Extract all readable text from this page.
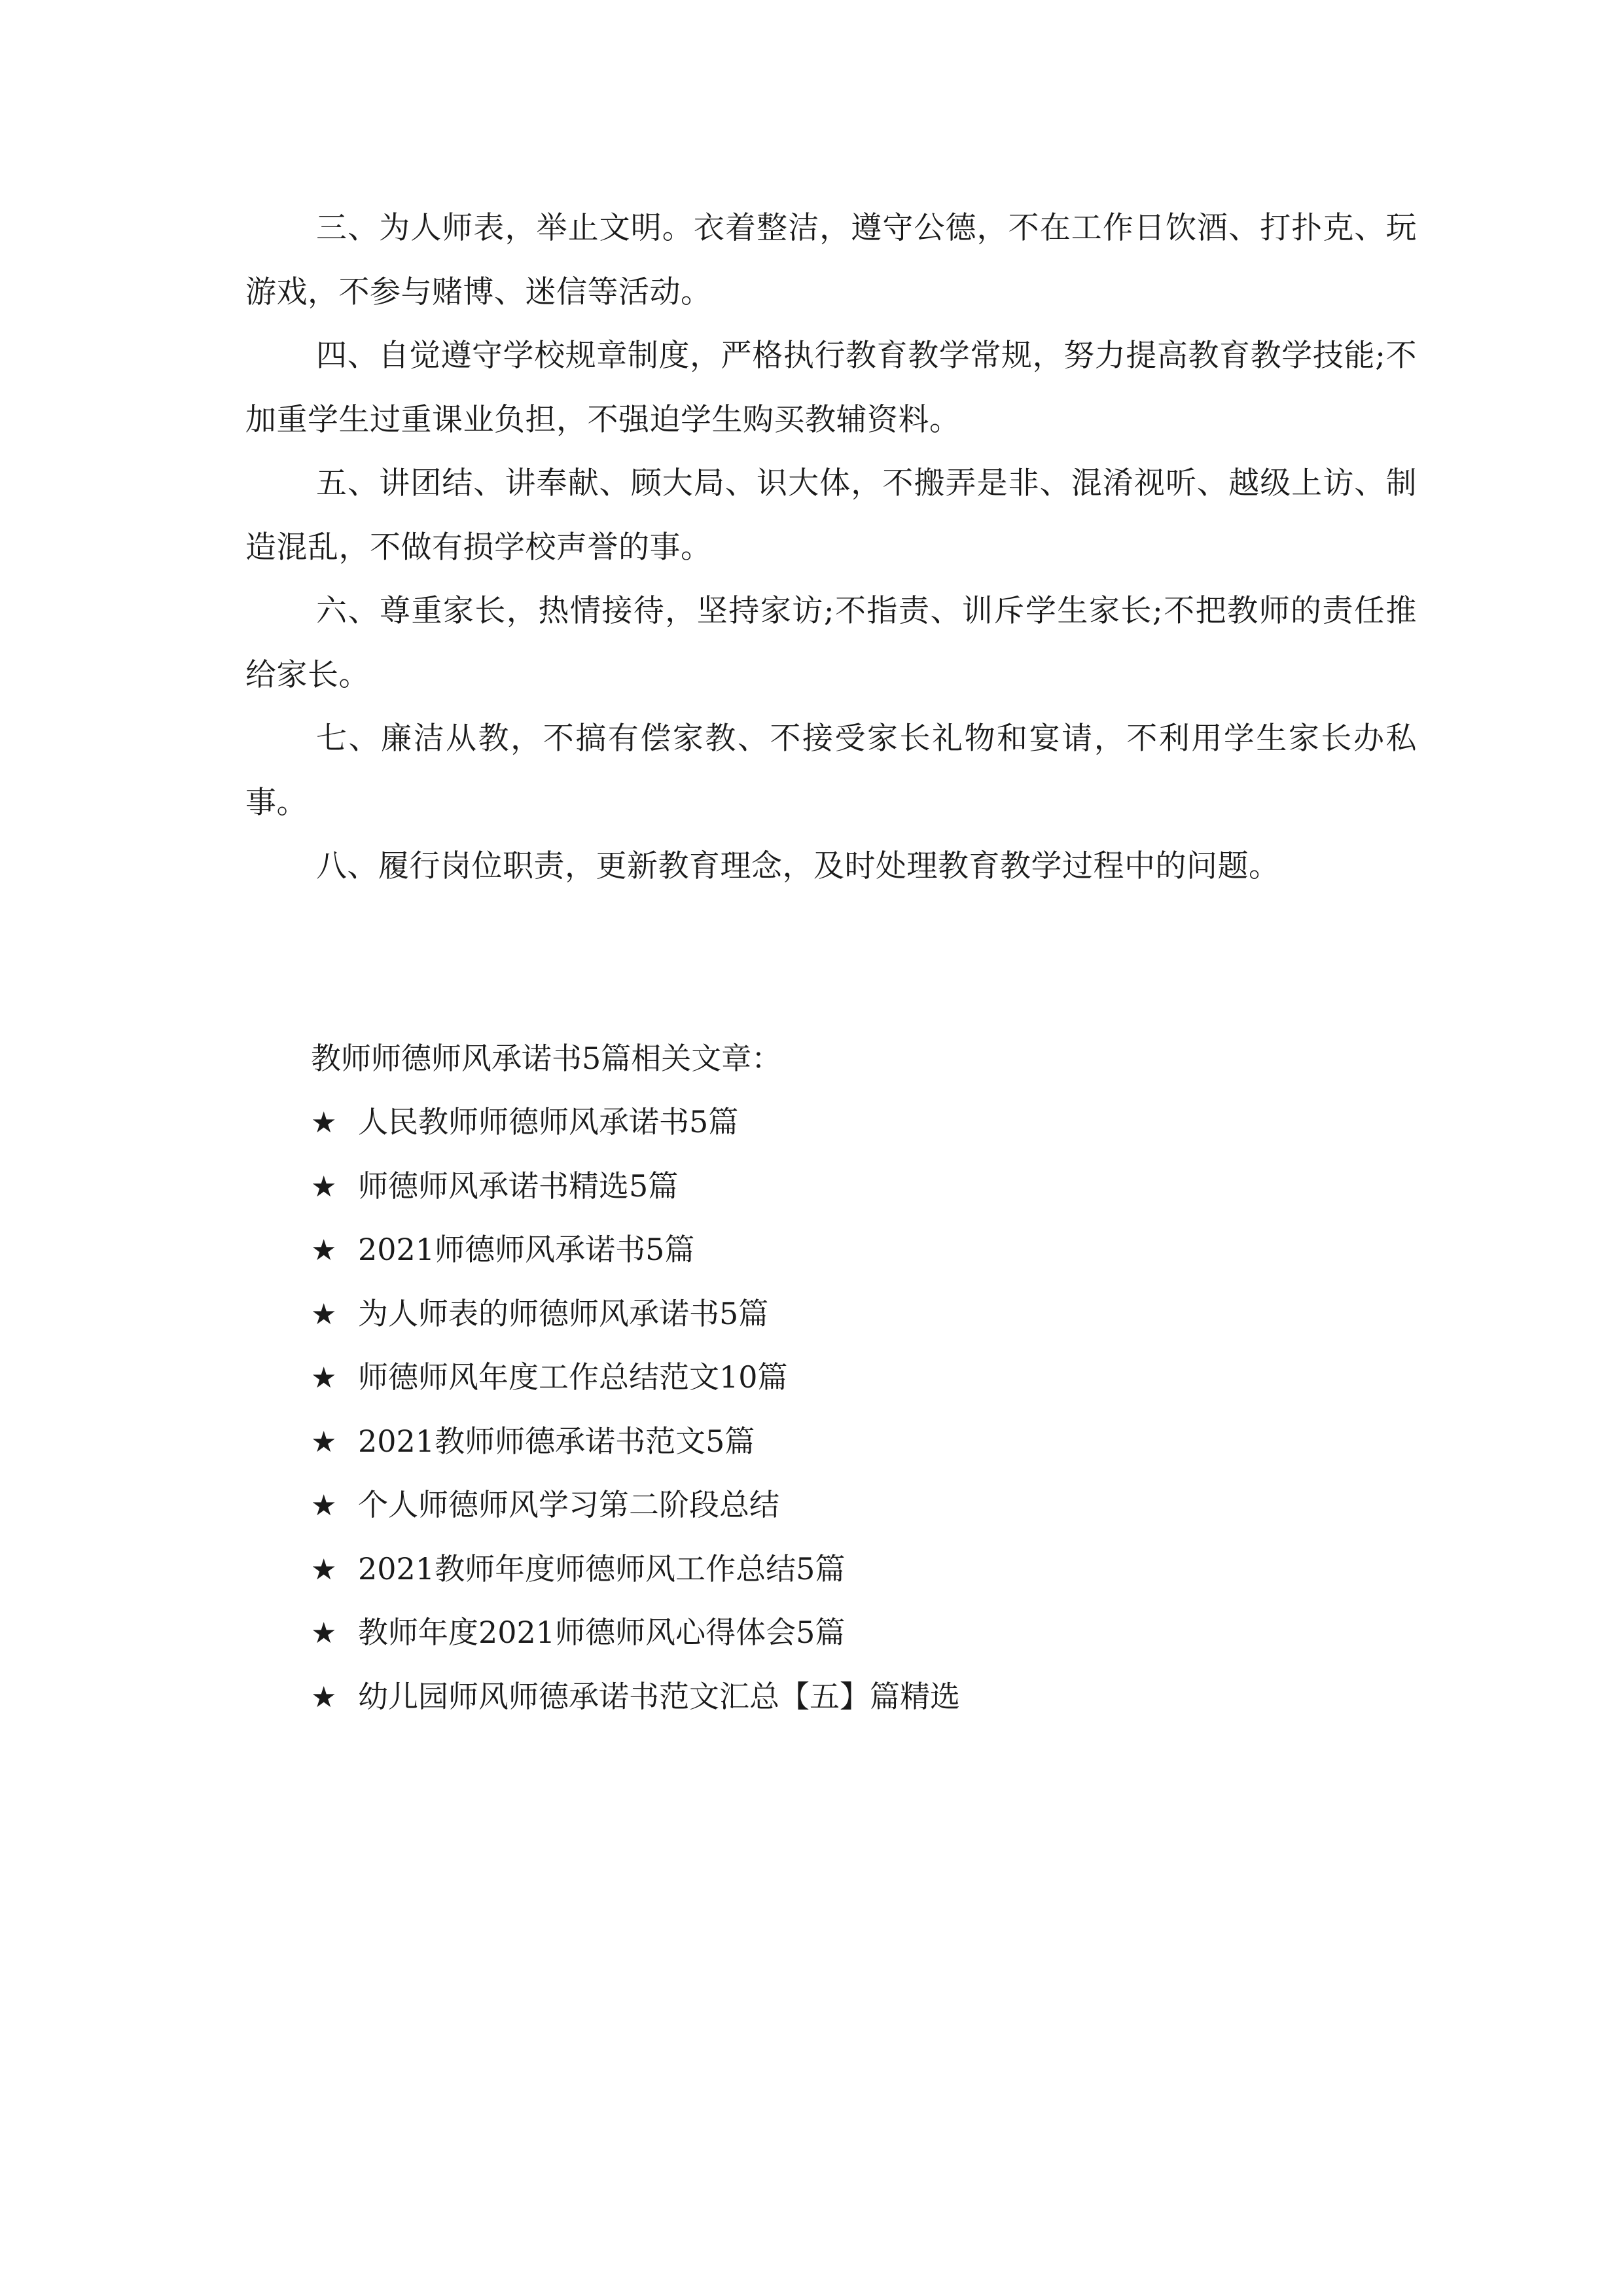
三、为人师表，举止文明。衣着整洁，遵守公德，不在工作日饮酒、打扑克、玩游戏，不参与赌博、迷信等活动。

四、自觉遵守学校规章制度，严格执行教育教学常规，努力提高教育教学技能;不加重学生过重课业负担，不强迫学生购买教辅资料。

五、讲团结、讲奉献、顾大局、识大体，不搬弄是非、混淆视听、越级上访、制造混乱，不做有损学校声誉的事。

六、尊重家长，热情接待，坚持家访;不指责、训斥学生家长;不把教师的责任推给家长。

七、廉洁从教，不搞有偿家教、不接受家长礼物和宴请，不利用学生家长办私事。

八、履行岗位职责，更新教育理念，及时处理教育教学过程中的问题。

教师师德师风承诺书5篇相关文章：

★ 人民教师师德师风承诺书5篇
★ 师德师风承诺书精选5篇
★ 2021师德师风承诺书5篇
★ 为人师表的师德师风承诺书5篇
★ 师德师风年度工作总结范文10篇
★ 2021教师师德承诺书范文5篇
★ 个人师德师风学习第二阶段总结
★ 2021教师年度师德师风工作总结5篇
★ 教师年度2021师德师风心得体会5篇
★ 幼儿园师风师德承诺书范文汇总【五】篇精选
